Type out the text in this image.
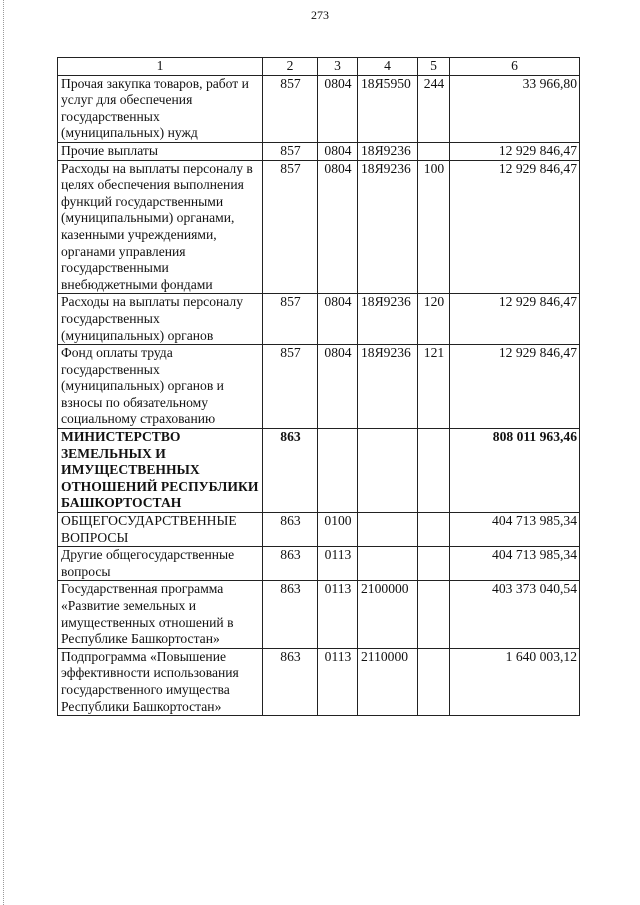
273
1	2	3	4	5	6
Прочая закупка товаров, работ и услуг для обеспечения государственных (муниципальных) нужд	857	0804	18Я5950	244	33 966,80
Прочие выплаты	857	0804	18Я9236		12 929 846,47
Расходы на выплаты персоналу в целях обеспечения выполнения функций государственными (муниципальными) органами, казенными учреждениями, органами управления государственными внебюджетными фондами	857	0804	18Я9236	100	12 929 846,47
Расходы на выплаты персоналу государственных (муниципальных) органов	857	0804	18Я9236	120	12 929 846,47
Фонд оплаты труда государственных (муниципальных) органов и взносы по обязательному социальному страхованию	857	0804	18Я9236	121	12 929 846,47
МИНИСТЕРСТВО ЗЕМЕЛЬНЫХ И ИМУЩЕСТВЕННЫХ ОТНОШЕНИЙ РЕСПУБЛИКИ БАШКОРТОСТАН	863				808 011 963,46
ОБЩЕГОСУДАРСТВЕННЫЕ ВОПРОСЫ	863	0100			404 713 985,34
Другие общегосударственные вопросы	863	0113			404 713 985,34
Государственная программа «Развитие земельных и имущественных отношений в Республике Башкортостан»	863	0113	2100000		403 373 040,54
Подпрограмма «Повышение эффективности использования государственного имущества Республики Башкортостан»	863	0113	2110000		1 640 003,12
